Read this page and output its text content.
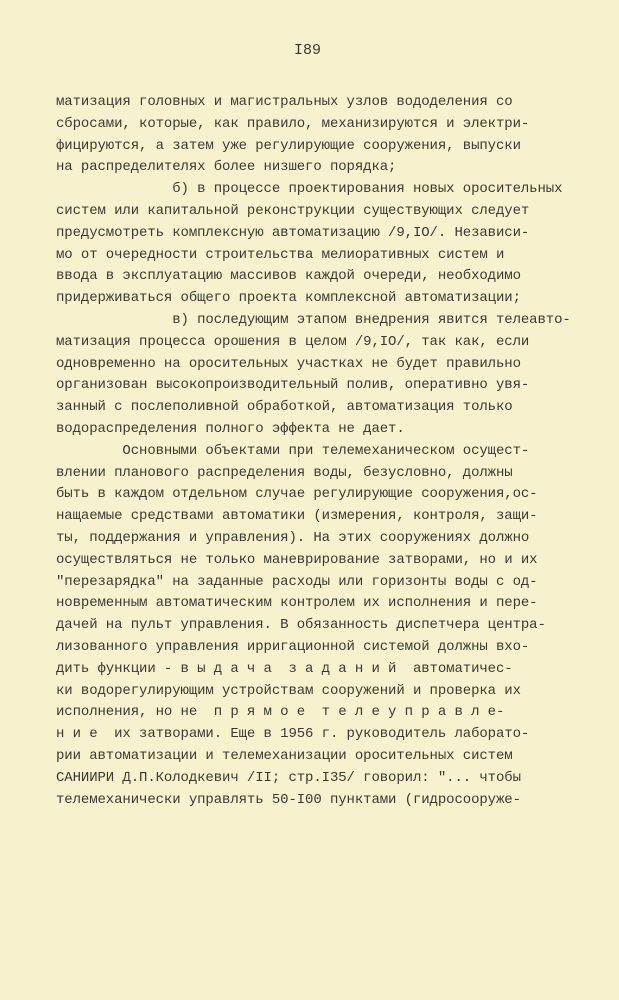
I89
матизация головных и магистральных узлов вододеления со
сбросами, которые, как правило, механизируются и электри-
фицируются, а затем уже регулирующие сооружения, выпуски
на распределителях более низшего порядка;
б) в процессе проектирования новых оросительных
систем или капитальной реконструкции существующих следует
предусмотреть комплексную автоматизацию /9,IO/. Независи-
мо от очередности строительства мелиоративных систем и
ввода в эксплуатацию массивов каждой очереди, необходимо
придерживаться общего проекта комплексной автоматизации;
в) последующим этапом внедрения явится телеавто-
матизация процесса орошения в целом /9,IO/, так как, если
одновременно на оросительных участках не будет правильно
организован высокопроизводительный полив, оперативно увя-
занный с послеполивной обработкой, автоматизация только
водораспределения полного эффекта не дает.
Основными объектами при телемеханическом осущест-
влении планового распределения воды, безусловно, должны
быть в каждом отдельном случае регулирующие сооружения,ос-
нащаемые средствами автоматики (измерения, контроля, защи-
ты, поддержания и управления). На этих сооружениях должно
осуществляться не только маневрирование затворами, но и их
"перезарядка" на заданные расходы или горизонты воды с од-
новременным автоматическим контролем их исполнения и пере-
дачей на пульт управления. В обязанность диспетчера центра-
лизованного управления ирригационной системой должны вхо-
дить функции - в ы д а ч а  з а д а н и й  автоматичес-
ки водорегулирующим устройствам сооружений и проверка их
исполнения, но не  п р я м о е  т е л е у п р а в л е-
н и е  их затворами. Еще в 1956 г. руководитель лаборато-
рии автоматизации и телемеханизации оросительных систем
САНИИРИ Д.П.Колодкевич /II; стр.I35/ говорил: "... чтобы
телемеханически управлять 50-I00 пунктами (гидросооруже-
